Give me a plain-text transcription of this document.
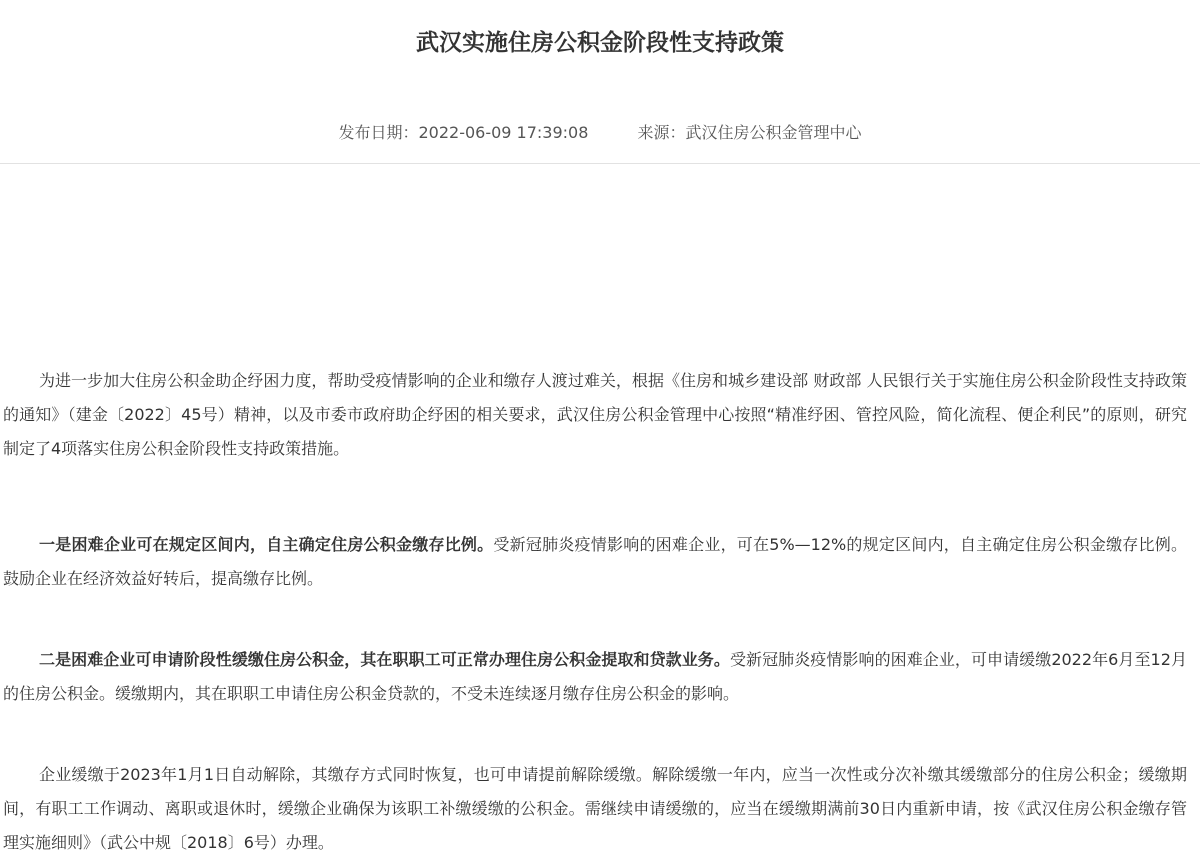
武汉实施住房公积金阶段性支持政策
发布日期：2022-06-09 17:39:08	来源：武汉住房公积金管理中心

为进一步加大住房公积金助企纾困力度，帮助受疫情影响的企业和缴存人渡过难关，根据《住房和城乡建设部 财政部 人民银行关于实施住房公积金阶段性支持政策的通知》（建金〔2022〕45号）精神，以及市委市政府助企纾困的相关要求，武汉住房公积金管理中心按照“精准纾困、管控风险，简化流程、便企利民”的原则，研究制定了4项落实住房公积金阶段性支持政策措施。

一是困难企业可在规定区间内，自主确定住房公积金缴存比例。受新冠肺炎疫情影响的困难企业，可在5%—12%的规定区间内，自主确定住房公积金缴存比例。鼓励企业在经济效益好转后，提高缴存比例。

二是困难企业可申请阶段性缓缴住房公积金，其在职职工可正常办理住房公积金提取和贷款业务。受新冠肺炎疫情影响的困难企业，可申请缓缴2022年6月至12月的住房公积金。缓缴期内，其在职职工申请住房公积金贷款的，不受未连续逐月缴存住房公积金的影响。

企业缓缴于2023年1月1日自动解除，其缴存方式同时恢复，也可申请提前解除缓缴。解除缓缴一年内，应当一次性或分次补缴其缓缴部分的住房公积金；缓缴期间，有职工工作调动、离职或退休时，缓缴企业确保为该职工补缴缓缴的公积金。需继续申请缓缴的，应当在缓缴期满前30日内重新申请，按《武汉住房公积金缴存管理实施细则》（武公中规〔2018〕6号）办理。
